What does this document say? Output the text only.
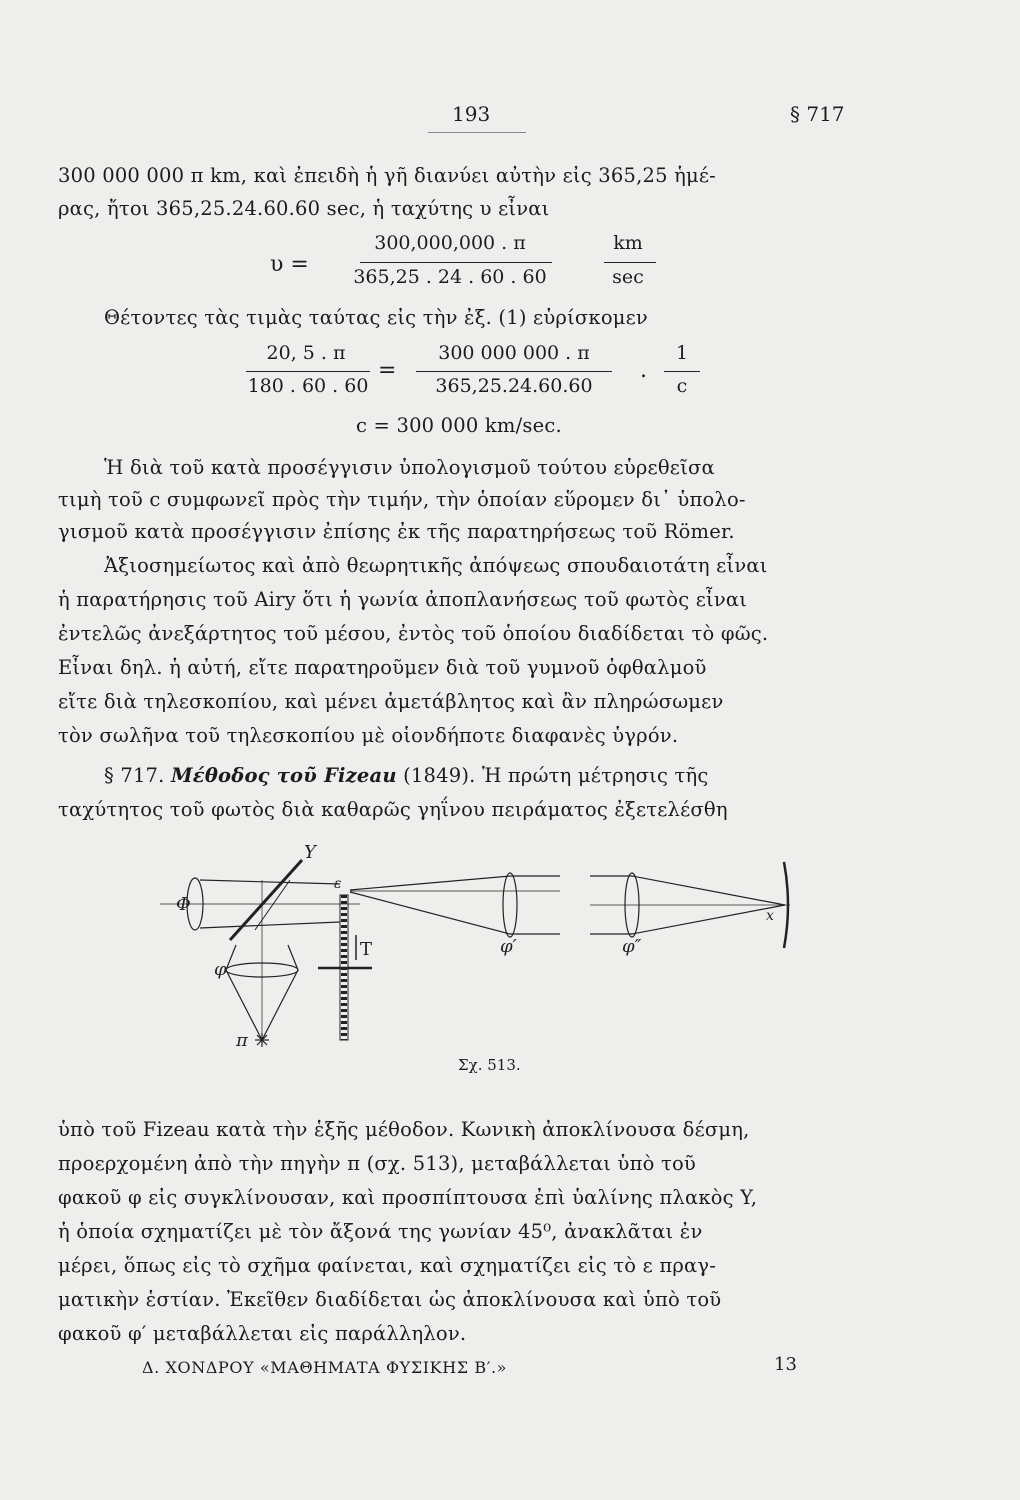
193	§ 717
300 000 000 π km, καὶ ἐπειδὴ ἡ γῆ διανύει αὐτὴν εἰς 365,25 ἡμέ-
ρας, ἤτοι 365,25.24.60.60 sec, ἡ ταχύτης υ εἶναι
υ =
300,000,000 . π
365,25 . 24 . 60 . 60
km
sec
Θέτοντες τὰς τιμὰς ταύτας εἰς τὴν ἐξ. (1) εὑρίσκομεν
20, 5 . π
180 . 60 . 60
=
300 000 000 . π
365,25.24.60.60
.
1
c
c = 300 000 km/sec.
Ἡ διὰ τοῦ κατὰ προσέγγισιν ὑπολογισμοῦ τούτου εὑρεθεῖσα
τιμὴ τοῦ c συμφωνεῖ πρὸς τὴν τιμήν, τὴν ὁποίαν εὕρομεν δι᾽ ὑπολο-
γισμοῦ κατὰ προσέγγισιν ἐπίσης ἐκ τῆς παρατηρήσεως τοῦ Römer.
Ἀξιοσημείωτος καὶ ἀπὸ θεωρητικῆς ἀπόψεως σπουδαιοτάτη εἶναι
ἡ παρατήρησις τοῦ Airy ὅτι ἡ γωνία ἀποπλανήσεως τοῦ φωτὸς εἶναι
ἐντελῶς ἀνεξάρτητος τοῦ μέσου, ἐντὸς τοῦ ὁποίου διαδίδεται τὸ φῶς.
Εἶναι δηλ. ἡ αὐτή, εἴτε παρατηροῦμεν διὰ τοῦ γυμνοῦ ὀφθαλμοῦ
εἴτε διὰ τηλεσκοπίου, καὶ μένει ἀμετάβλητος καὶ ἂν πληρώσωμεν
τὸν σωλῆνα τοῦ τηλεσκοπίου μὲ οἱονδήποτε διαφανὲς ὑγρόν.
§ 717. Μέθοδος τοῦ Fizeau (1849). Ἡ πρώτη μέτρησις τῆς
ταχύτητος τοῦ φωτὸς διὰ καθαρῶς γηΐνου πειράματος ἐξετελέσθη
Φ
Y
φ
π
ε
T	φ′	φ″
x
Σχ. 513.
ὑπὸ τοῦ Fizeau κατὰ τὴν ἑξῆς μέθοδον. Κωνικὴ ἀποκλίνουσα δέσμη,
προερχομένη ἀπὸ τὴν πηγὴν π (σχ. 513), μεταβάλλεται ὑπὸ τοῦ
φακοῦ φ εἰς συγκλίνουσαν, καὶ προσπίπτουσα ἐπὶ ὑαλίνης πλακὸς Y,
ἡ ὁποία σχηματίζει μὲ τὸν ἄξονά της γωνίαν 45⁰, ἀνακλᾶται ἐν
μέρει, ὅπως εἰς τὸ σχῆμα φαίνεται, καὶ σχηματίζει εἰς τὸ ε πραγ-
ματικὴν ἑστίαν. Ἐκεῖθεν διαδίδεται ὡς ἀποκλίνουσα καὶ ὑπὸ τοῦ
φακοῦ φ′ μεταβάλλεται εἰς παράλληλον.
Δ. ΧΟΝΔΡΟΥ «ΜΑΘΗΜΑΤΑ ΦΥΣΙΚΗΣ Β′.»	13
